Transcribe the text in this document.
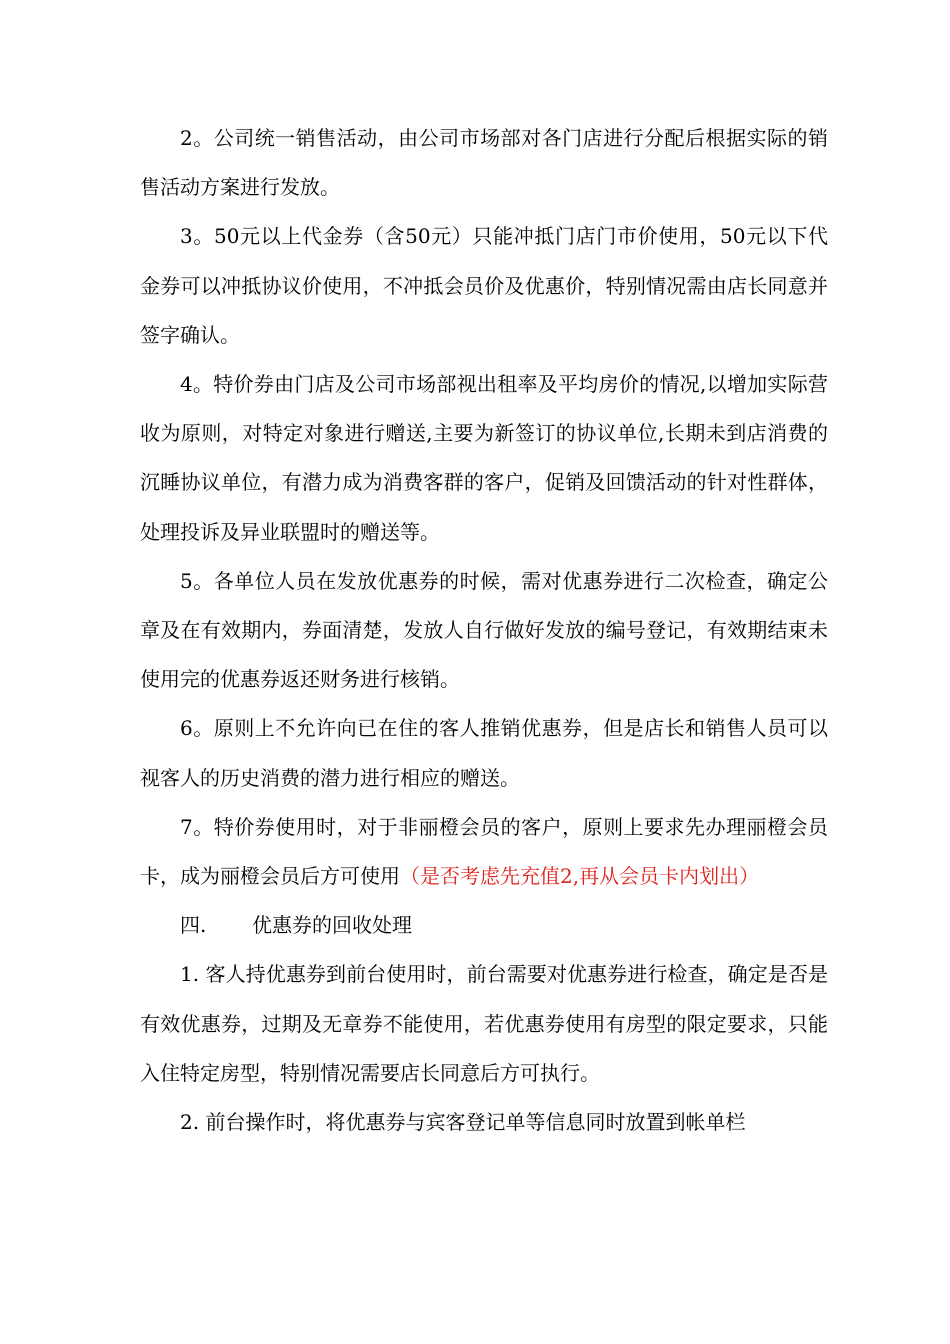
2。公司统一销售活动，由公司市场部对各门店进行分配后根据实际的销售活动方案进行发放。

3。50元以上代金券（含50元）只能冲抵门店门市价使用，50元以下代金券可以冲抵协议价使用，不冲抵会员价及优惠价，特别情况需由店长同意并签字确认。

4。特价券由门店及公司市场部视出租率及平均房价的情况,以增加实际营收为原则，对特定对象进行赠送,主要为新签订的协议单位,长期未到店消费的沉睡协议单位，有潜力成为消费客群的客户，促销及回馈活动的针对性群体，处理投诉及异业联盟时的赠送等。

5。各单位人员在发放优惠券的时候，需对优惠券进行二次检查，确定公章及在有效期内，券面清楚，发放人自行做好发放的编号登记，有效期结束未使用完的优惠券返还财务进行核销。

6。原则上不允许向已在住的客人推销优惠券，但是店长和销售人员可以视客人的历史消费的潜力进行相应的赠送。

7。特价券使用时，对于非丽橙会员的客户，原则上要求先办理丽橙会员卡，成为丽橙会员后方可使用（是否考虑先充值2,再从会员卡内划出）

四. 优惠券的回收处理

1. 客人持优惠券到前台使用时，前台需要对优惠券进行检查，确定是否是有效优惠券，过期及无章券不能使用，若优惠券使用有房型的限定要求，只能入住特定房型，特别情况需要店长同意后方可执行。

2. 前台操作时，将优惠券与宾客登记单等信息同时放置到帐单栏
